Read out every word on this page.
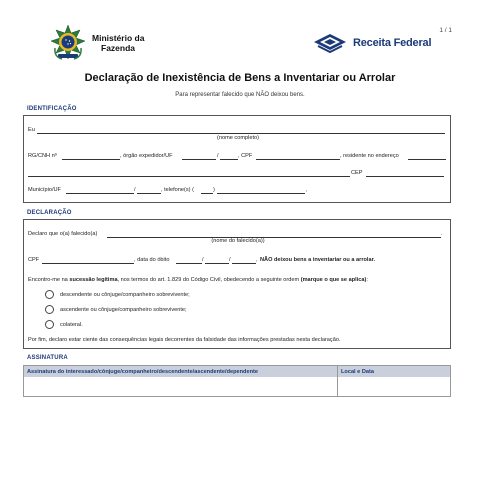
1 / 1
Ministério da
Fazenda	Receita Federal
Declaração de Inexistência de Bens a Inventariar ou Arrolar
Para representar falecido que NÃO deixou bens.
IDENTIFICAÇÃO
Eu
(nome completo)
RG/CNH nº	, órgão expedidor/UF	/	, CPF	, residente no endereço
CEP
Município/UF	/	, telefone(s) (	)	,
DECLARAÇÃO
Declaro que o(a) falecido(a)	.
(nome do falecido(a))
CPF	, data do óbito	/	/	, NÃO deixou bens a inventariar ou a arrolar.
Encontro-me na sucessão legítima, nos termos do art. 1.829 do Código Civil, obedecendo a seguinte ordem (marque o que se aplica):
descendente ou cônjuge/companheiro sobrevivente;
ascendente ou cônjuge/companheiro sobrevivente;
colateral.
Por fim, declaro estar ciente das consequências legais decorrentes da falsidade das informações prestadas nesta declaração.
ASSINATURA
Assinatura do interessado/cônjuge/companheiro/descendente/ascendente/dependente	Local e Data
